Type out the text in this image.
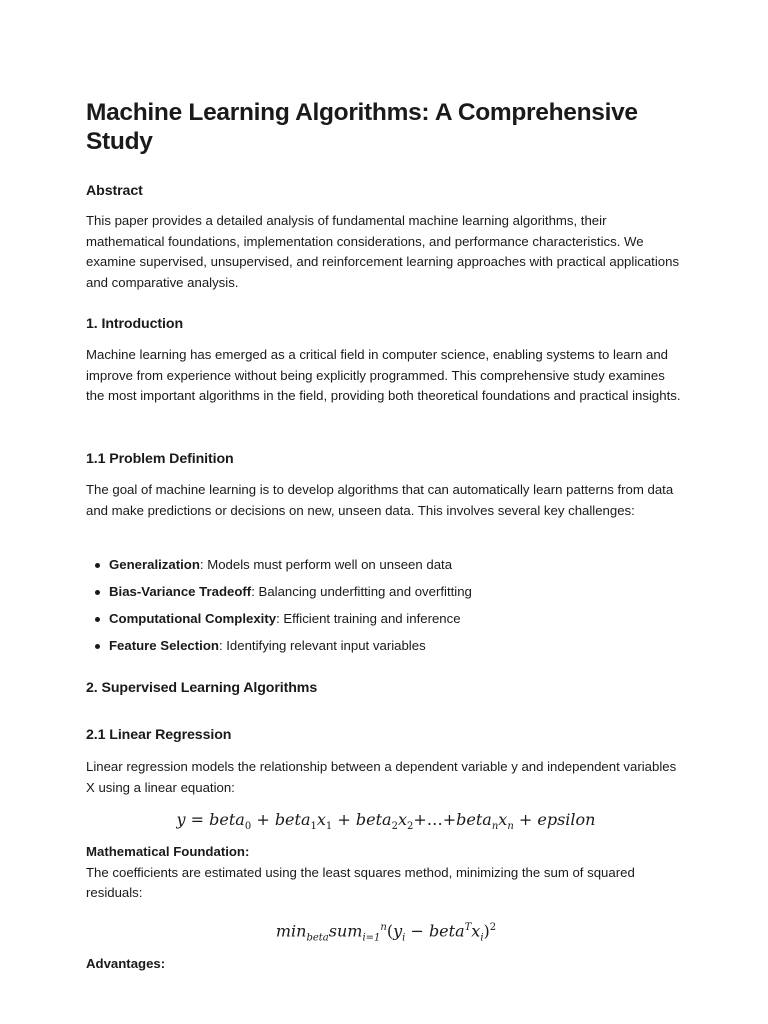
Machine Learning Algorithms: A Comprehensive Study
Abstract

This paper provides a detailed analysis of fundamental machine learning algorithms, their mathematical foundations, implementation considerations, and performance characteristics. We examine supervised, unsupervised, and reinforcement learning approaches with practical applications and comparative analysis.

1. Introduction

Machine learning has emerged as a critical field in computer science, enabling systems to learn and improve from experience without being explicitly programmed. This comprehensive study examines the most important algorithms in the field, providing both theoretical foundations and practical insights.

1.1 Problem Definition

The goal of machine learning is to develop algorithms that can automatically learn patterns from data and make predictions or decisions on new, unseen data. This involves several key challenges:

Generalization: Models must perform well on unseen data
Bias-Variance Tradeoff: Balancing underfitting and overfitting
Computational Complexity: Efficient training and inference
Feature Selection: Identifying relevant input variables
2. Supervised Learning Algorithms
2.1 Linear Regression

Linear regression models the relationship between a dependent variable y and independent variables X using a linear equation:

y = beta$_0$ + $beta_1x_1$ + $beta_2x_2+\dots+beta_nx_n$ + epsilon

Mathematical Foundation:
The coefficients are estimated using the least squares method, minimizing the sum of squared residuals:

$\min_{beta}sum_{i=1}^n(y_i$ − $beta^Tx_i)^2$

Advantages:
